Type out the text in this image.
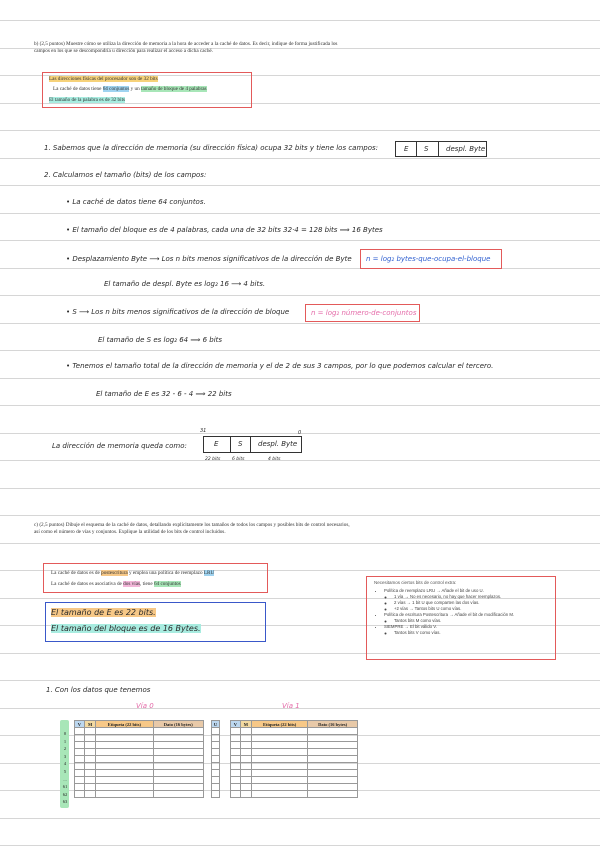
b) (2,5 puntos) Muestre cómo se utiliza la dirección de memoria a la hora de acceder a la caché de datos. Es decir, indique de forma justificada los campos en los que se descompondría u dirección para realizar el acceso a dicha caché.
Las direcciones físicas del procesador son de 32 bits
La caché de datos tiene 64 conjuntos y un tamaño de bloque de 4 palabras
El tamaño de la palabra es de 32 bits
1. Sabemos que la dirección de memoria (su dirección física) ocupa 32 bits y tiene los campos:	E S	despl. Byte
2. Calculamos el tamaño (bits) de los campos:
• La caché de datos tiene 64 conjuntos.
• El tamaño del bloque es de 4 palabras, cada una de 32 bits 32·4 = 128 bits ⟹ 16 Bytes
• Desplazamiento Byte ⟶ Los n bits menos significativos de la dirección de Byte n = log₂ bytes-que-ocupa-el-bloque
El tamaño de despl. Byte es log₂ 16 ⟶ 4 bits.
• S ⟶ Los n bits menos significativos de la dirección de bloque	n = log₂ número-de-conjuntos
El tamaño de S es log₂ 64 ⟹ 6 bits
• Tenemos el tamaño total de la dirección de memoria y el de 2 de sus 3 campos, por lo que podemos calcular el tercero.
El tamaño de E es 32 - 6 - 4 ⟹ 22 bits
La dirección de memoria queda como:
31	0
E	S despl. Byte
22 bits	6 bits	4 bits
c) (2,5 puntos) Dibuje el esquema de la caché de datos, detallando explícitamente los tamaños de todos los campos y posibles bits de control necesarios, así como el número de vías y conjuntos. Explique la utilidad de los bits de control incluidos.
La caché de datos es de postescritura y emplea una política de reemplazo LRU
La caché de datos es asociativa de dos vías, tiene 64 conjuntos
El tamaño de E es 22 bits.
El tamaño del bloque es de 16 Bytes.
Necesitamos ciertos bits de control extra:
• Política de reemplazo LRU → Añade el bit de uso U.
◦ 1 vía → No es necesario, no hay que hacer reemplazos.
◦ 2 vías → 1 bit U que comparten las dos vías.
◦ +2 vías → Tantos bits U como vías.
• Política de escritura Postescritura → Añade el bit de modificación M.
◦ Tantos bits M como vías.
• SIEMPRE → El bit válido V.
◦ Tantos bits V como vías.
1. Con los datos que tenemos
Vía 0	Vía 1
0
1
2
3
4
5
...
61
62
63
V	M	Etiqueta (22 bits)	Dato (16 bytes)

				U	V	M	Etiqueta (22 bits)	Dato (16 bytes)
